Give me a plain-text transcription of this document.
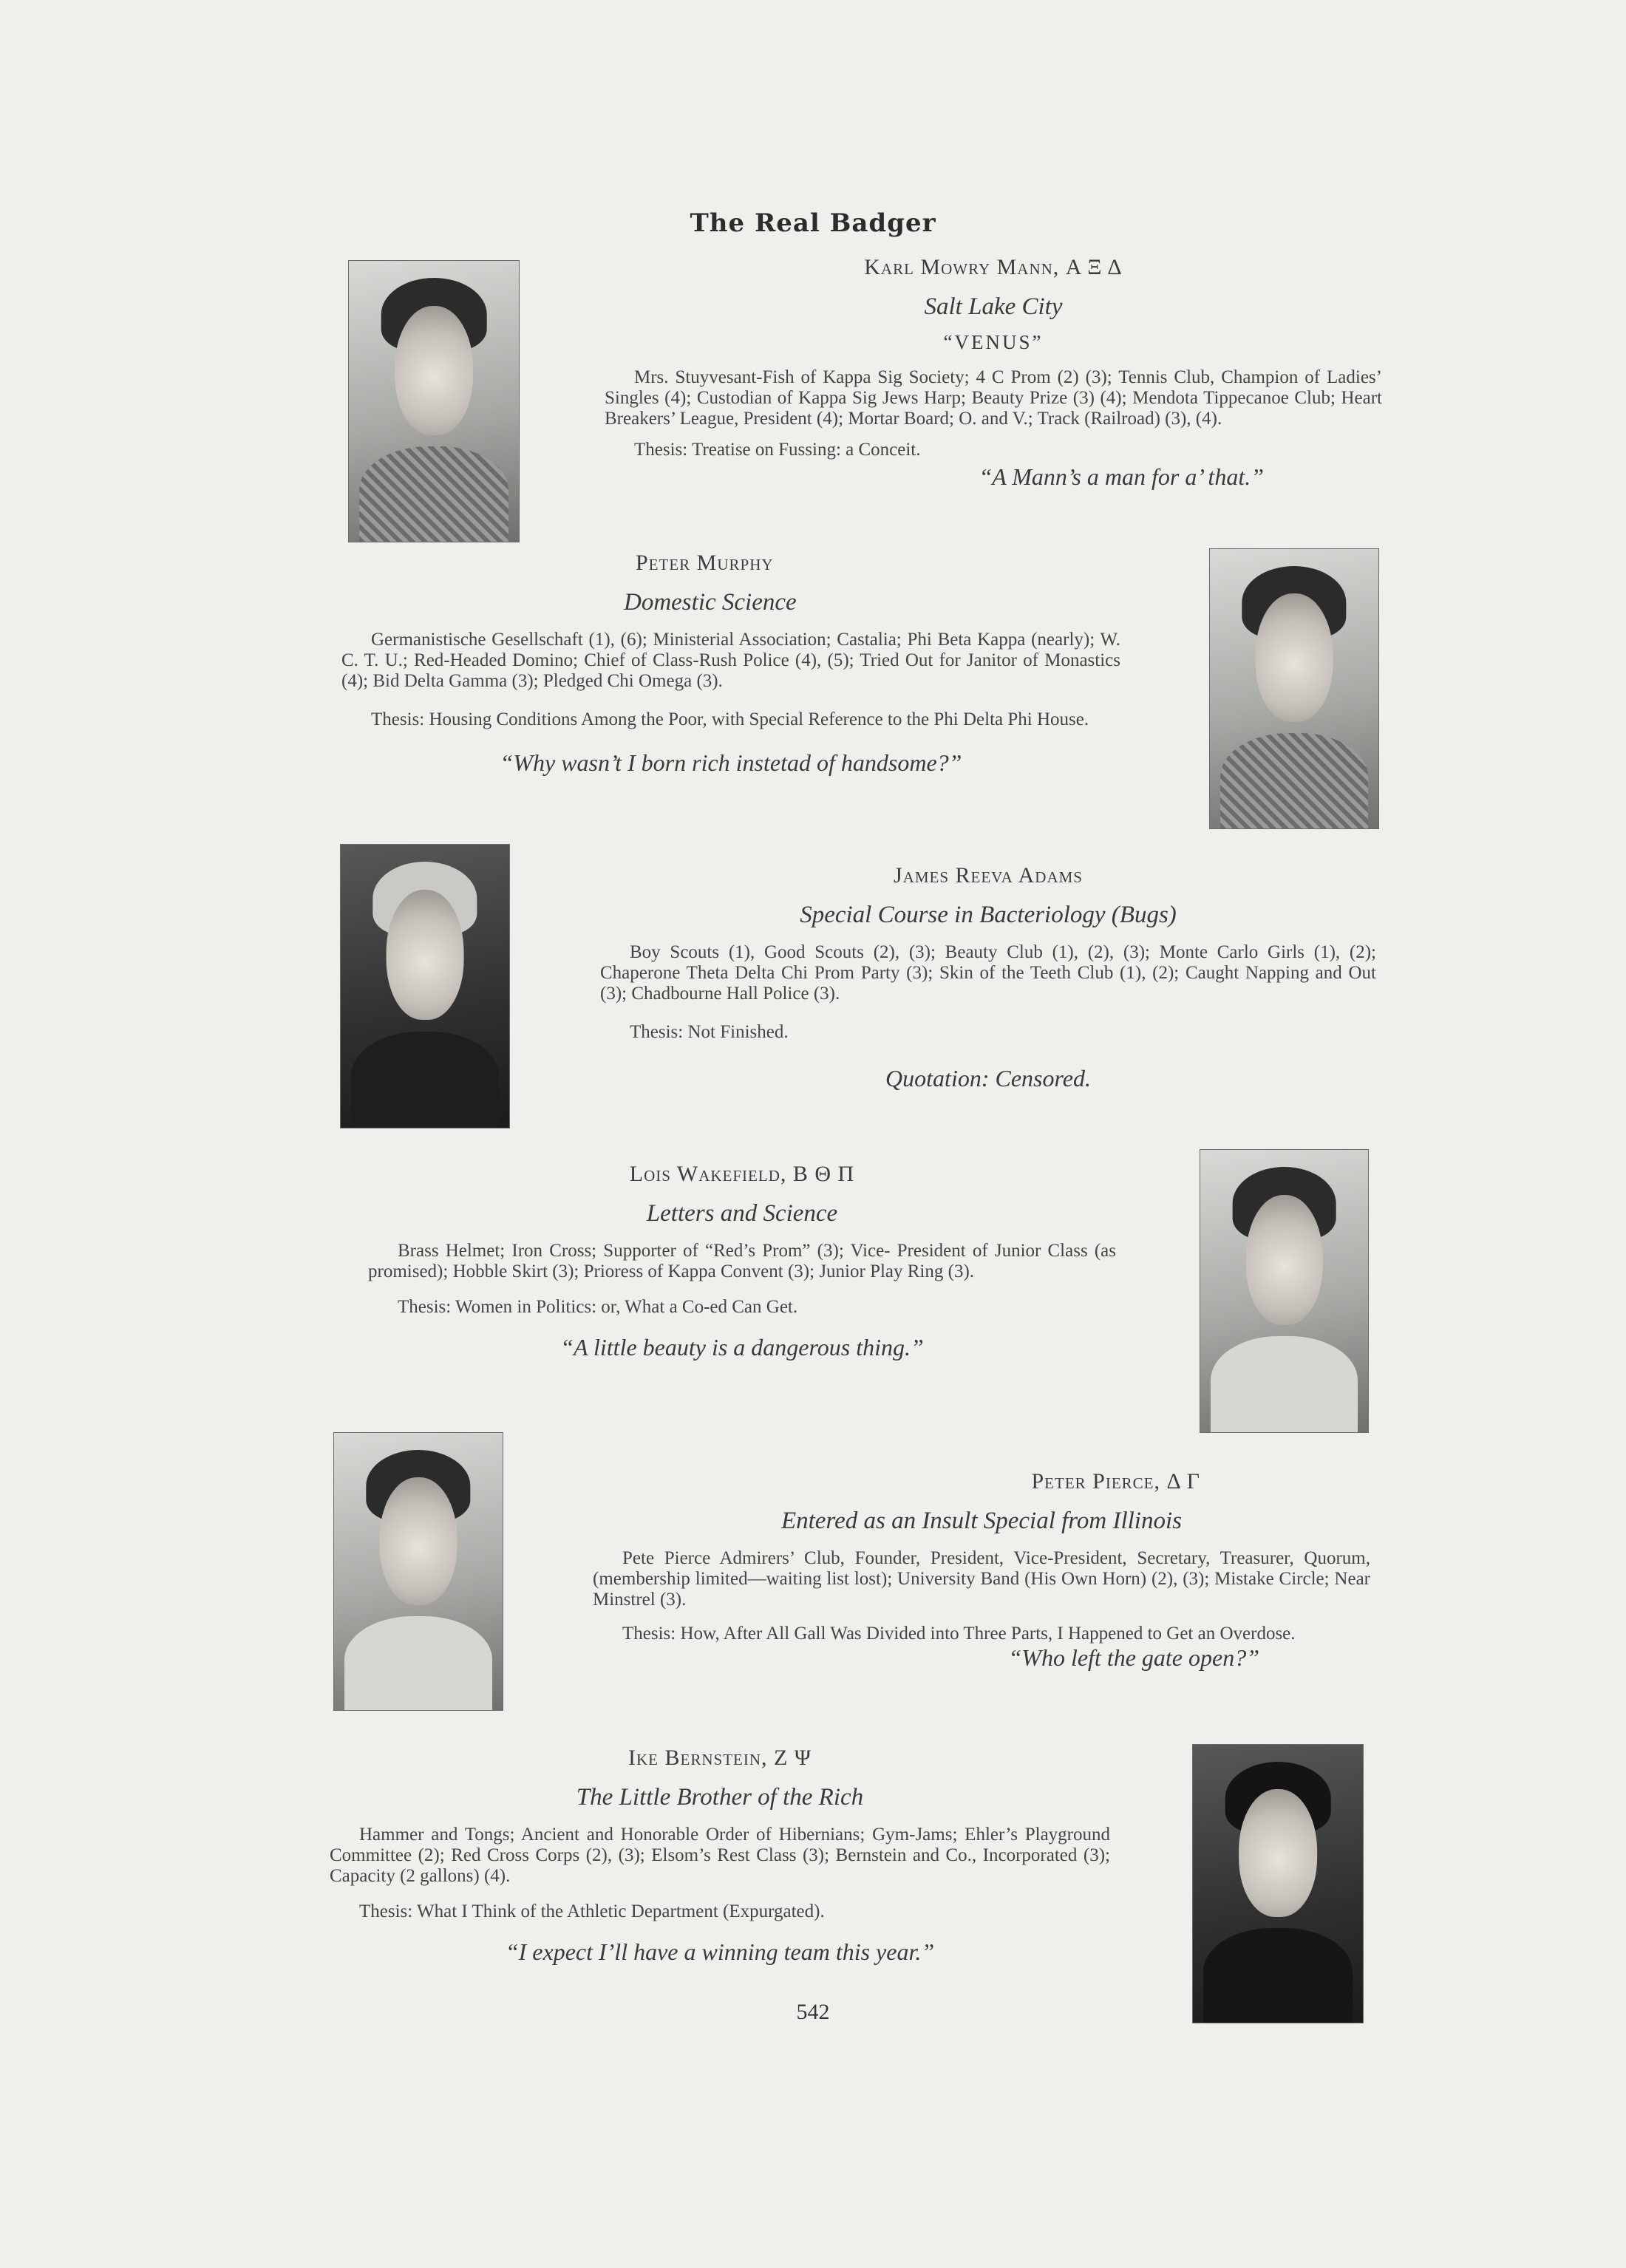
The Real Badger
Karl Mowry Mann, Α Ξ Δ
Salt Lake City
“VENUS”
Mrs. Stuyvesant-Fish of Kappa Sig Society; 4 C Prom (2) (3); Tennis Club, Champion of Ladies’ Singles (4); Custodian of Kappa Sig Jews Harp; Beauty Prize (3) (4); Mendota Tippecanoe Club; Heart Breakers’ League, President (4); Mortar Board; O. and V.; Track (Railroad) (3), (4).
Thesis: Treatise on Fussing: a Conceit.
“A Mann’s a man for a’ that.”
Peter Murphy
Domestic Science
Germanistische Gesellschaft (1), (6); Ministerial Association; Castalia; Phi Beta Kappa (nearly); W. C. T. U.; Red-Headed Domino; Chief of Class-Rush Police (4), (5); Tried Out for Janitor of Monastics (4); Bid Delta Gamma (3); Pledged Chi Omega (3).
Thesis: Housing Conditions Among the Poor, with Special Reference to the Phi Delta Phi House.
“Why wasn’t I born rich instetad of handsome?”
James Reeva Adams
Special Course in Bacteriology (Bugs)
Boy Scouts (1), Good Scouts (2), (3); Beauty Club (1), (2), (3); Monte Carlo Girls (1), (2); Chaperone Theta Delta Chi Prom Party (3); Skin of the Teeth Club (1), (2); Caught Napping and Out (3); Chadbourne Hall Police (3).
Thesis: Not Finished.
Quotation: Censored.
Lois Wakefield, Β Θ Π
Letters and Science
Brass Helmet; Iron Cross; Supporter of “Red’s Prom” (3); Vice- President of Junior Class (as promised); Hobble Skirt (3); Prioress of Kappa Convent (3); Junior Play Ring (3).
Thesis: Women in Politics: or, What a Co-ed Can Get.
“A little beauty is a dangerous thing.”
Peter Pierce, Δ Γ
Entered as an Insult Special from Illinois
Pete Pierce Admirers’ Club, Founder, President, Vice-President, Secretary, Treasurer, Quorum, (membership limited—waiting list lost); University Band (His Own Horn) (2), (3); Mistake Circle; Near Minstrel (3).
Thesis: How, After All Gall Was Divided into Three Parts, I Happened to Get an Overdose.
“Who left the gate open?”
Ike Bernstein, Ζ Ψ
The Little Brother of the Rich
Hammer and Tongs; Ancient and Honorable Order of Hibernians; Gym-Jams; Ehler’s Playground Committee (2); Red Cross Corps (2), (3); Elsom’s Rest Class (3); Bernstein and Co., Incorporated (3); Capacity (2 gallons) (4).
Thesis: What I Think of the Athletic Department (Expurgated).
“I expect I’ll have a winning team this year.”
542
